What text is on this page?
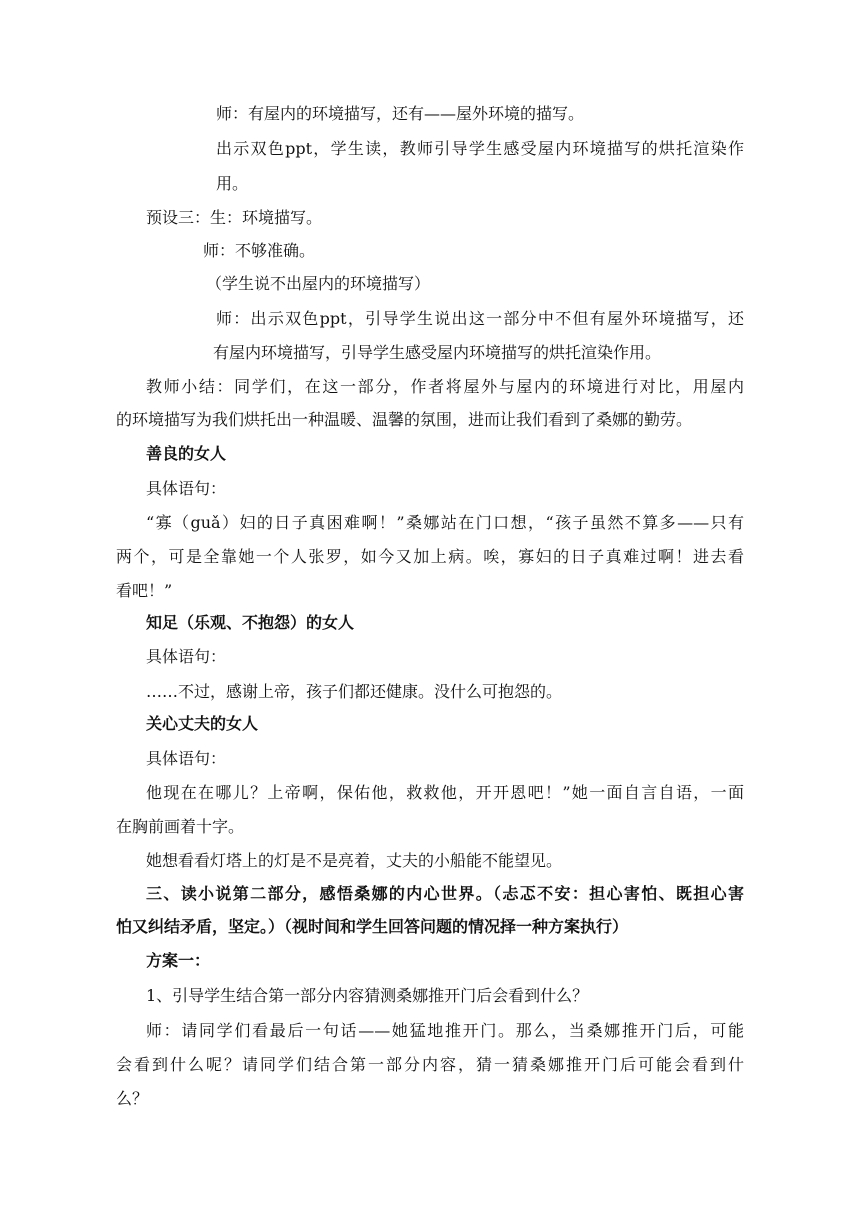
师：有屋内的环境描写，还有——屋外环境的描写。
出示双色ppt，学生读，教师引导学生感受屋内环境描写的烘托渲染作
用。
预设三：生：环境描写。
师：不够准确。
（学生说不出屋内的环境描写）
师：出示双色ppt，引导学生说出这一部分中不但有屋外环境描写，还
有屋内环境描写，引导学生感受屋内环境描写的烘托渲染作用。
教师小结：同学们，在这一部分，作者将屋外与屋内的环境进行对比，用屋内
的环境描写为我们烘托出一种温暖、温馨的氛围，进而让我们看到了桑娜的勤劳。
善良的女人
具体语句：
“寡（guǎ）妇的日子真困难啊！”桑娜站在门口想，“孩子虽然不算多——只有
两个，可是全靠她一个人张罗，如今又加上病。唉，寡妇的日子真难过啊！进去看
看吧！”
知足（乐观、不抱怨）的女人
具体语句：
……不过，感谢上帝，孩子们都还健康。没什么可抱怨的。
关心丈夫的女人
具体语句：
他现在在哪儿？上帝啊，保佑他，救救他，开开恩吧！”她一面自言自语，一面
在胸前画着十字。
她想看看灯塔上的灯是不是亮着，丈夫的小船能不能望见。
三、读小说第二部分，感悟桑娜的内心世界。（忐忑不安：担心害怕、既担心害
怕又纠结矛盾，坚定。）（视时间和学生回答问题的情况择一种方案执行）
方案一：
1、引导学生结合第一部分内容猜测桑娜推开门后会看到什么？
师：请同学们看最后一句话——她猛地推开门。那么，当桑娜推开门后，可能
会看到什么呢？请同学们结合第一部分内容，猜一猜桑娜推开门后可能会看到什
么？
